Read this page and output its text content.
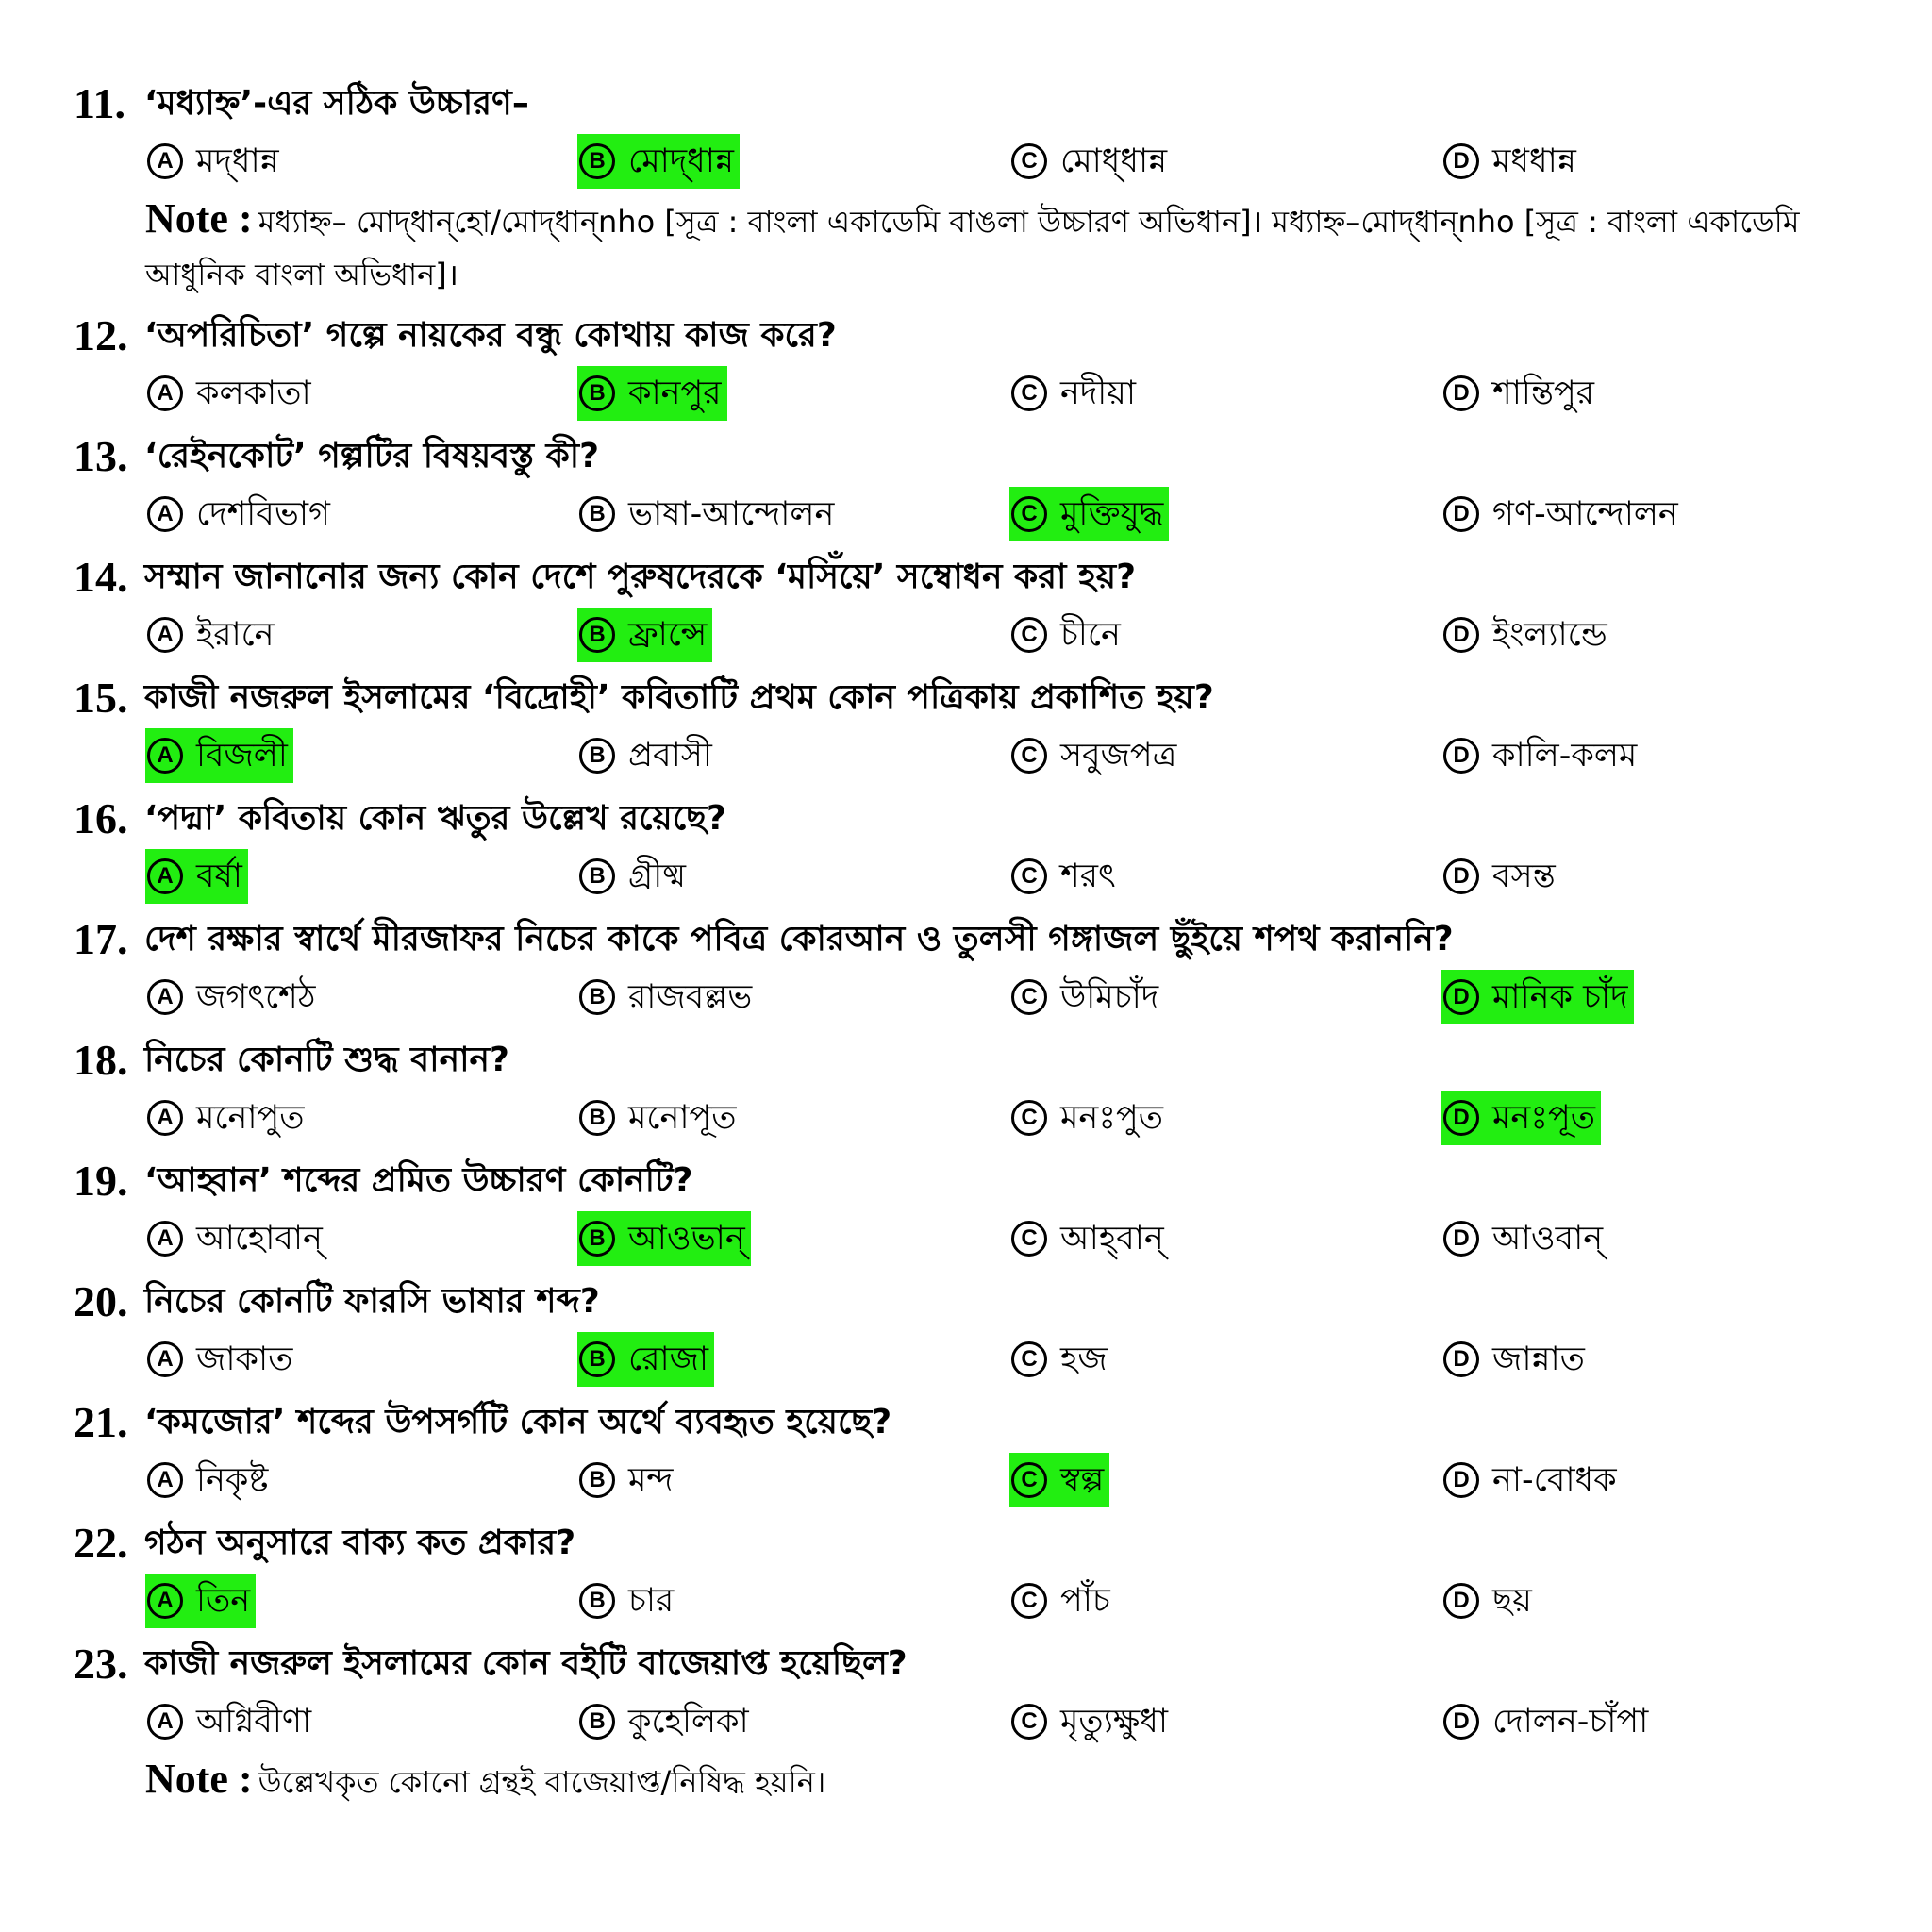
11. ‘মধ্যাহ্ন’-এর সঠিক উচ্চারণ–
A মদ্‌ধান্ন	B মোদ্‌ধান্ন	C মোধ্‌ধান্ন	D মধধান্ন
Note : মধ্যাহ্ন– মোদ্‌ধান্‌হো/মোদ্‌ধান্‌nho [সূত্র : বাংলা একাডেমি বাঙলা উচ্চারণ অভিধান]। মধ্যাহ্ন–মোদ্‌ধান্‌nho [সূত্র : বাংলা একাডেমি আধুনিক বাংলা অভিধান]।
12. ‘অপরিচিতা’ গল্পে নায়কের বন্ধু কোথায় কাজ করে?
A কলকাতা	B কানপুর	C নদীয়া	D শান্তিপুর
13. ‘রেইনকোট’ গল্পটির বিষয়বস্তু কী?
A দেশবিভাগ	B ভাষা-আন্দোলন	C মুক্তিযুদ্ধ	D গণ-আন্দোলন
14. সম্মান জানানোর জন্য কোন দেশে পুরুষদেরকে ‘মসিঁয়ে’ সম্বোধন করা হয়?
A ইরানে	B ফ্রান্সে	C চীনে	D ইংল্যান্ডে
15. কাজী নজরুল ইসলামের ‘বিদ্রোহী’ কবিতাটি প্রথম কোন পত্রিকায় প্রকাশিত হয়?
A বিজলী	B প্রবাসী	C সবুজপত্র	D কালি-কলম
16. ‘পদ্মা’ কবিতায় কোন ঋতুর উল্লেখ রয়েছে?
A বর্ষা	B গ্রীষ্ম	C শরৎ	D বসন্ত
17. দেশ রক্ষার স্বার্থে মীরজাফর নিচের কাকে পবিত্র কোরআন ও তুলসী গঙ্গাজল ছুঁইয়ে শপথ করাননি?
A জগৎশেঠ	B রাজবল্লভ	C উমিচাঁদ	D মানিক চাঁদ
18. নিচের কোনটি শুদ্ধ বানান?
A মনোপুত	B মনোপূত	C মনঃপুত	D মনঃপূত
19. ‘আহ্বান’ শব্দের প্রমিত উচ্চারণ কোনটি?
A আহোবান্	B আওভান্	C আহ্‌বান্	D আওবান্
20. নিচের কোনটি ফারসি ভাষার শব্দ?
A জাকাত	B রোজা	C হজ	D জান্নাত
21. ‘কমজোর’ শব্দের উপসর্গটি কোন অর্থে ব্যবহৃত হয়েছে?
A নিকৃষ্ট	B মন্দ	C স্বল্প	D না-বোধক
22. গঠন অনুসারে বাক্য কত প্রকার?
A তিন	B চার	C পাঁচ	D ছয়
23. কাজী নজরুল ইসলামের কোন বইটি বাজেয়াপ্ত হয়েছিল?
A অগ্নিবীণা	B কুহেলিকা	C মৃত্যুক্ষুধা	D দোলন-চাঁপা
Note : উল্লেখকৃত কোনো গ্রন্থই বাজেয়াপ্ত/নিষিদ্ধ হয়নি।
